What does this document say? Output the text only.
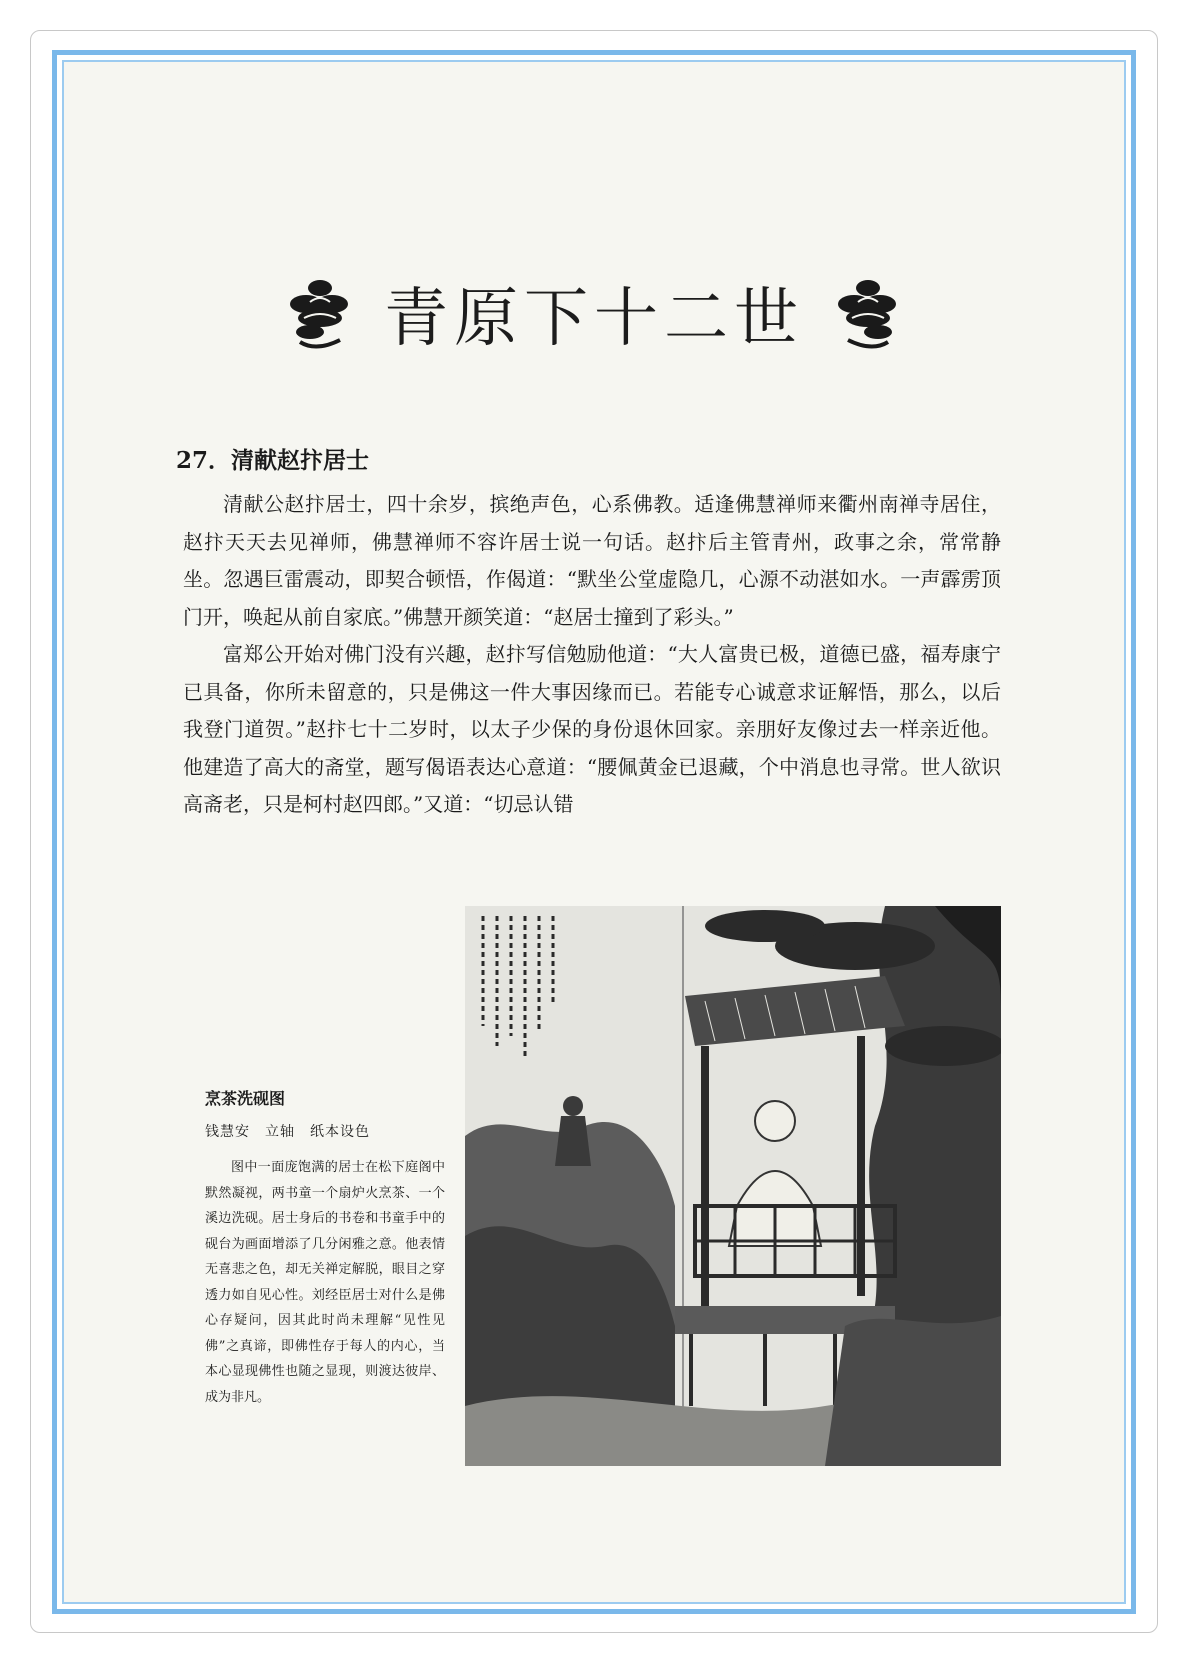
青原下十二世
27．清献赵抃居士

清献公赵抃居士，四十余岁，摈绝声色，心系佛教。适逢佛慧禅师来衢州南禅寺居住，赵抃天天去见禅师，佛慧禅师不容许居士说一句话。赵抃后主管青州，政事之余，常常静坐。忽遇巨雷震动，即契合顿悟，作偈道：“默坐公堂虚隐几，心源不动湛如水。一声霹雳顶门开，唤起从前自家底。”佛慧开颜笑道：“赵居士撞到了彩头。”

富郑公开始对佛门没有兴趣，赵抃写信勉励他道：“大人富贵已极，道德已盛，福寿康宁已具备，你所未留意的，只是佛这一件大事因缘而已。若能专心诚意求证解悟，那么，以后我登门道贺。”赵抃七十二岁时，以太子少保的身份退休回家。亲朋好友像过去一样亲近他。他建造了高大的斋堂，题写偈语表达心意道：“腰佩黄金已退藏，个中消息也寻常。世人欲识高斋老，只是柯村赵四郎。”又道：“切忌认错

烹茶洗砚图
钱慧安　立轴　纸本设色

图中一面庞饱满的居士在松下庭阁中默然凝视，两书童一个扇炉火烹茶、一个溪边洗砚。居士身后的书卷和书童手中的砚台为画面增添了几分闲雅之意。他表情无喜悲之色，却无关禅定解脱，眼目之穿透力如自见心性。刘经臣居士对什么是佛心存疑问，因其此时尚未理解“见性见佛”之真谛，即佛性存于每人的内心，当本心显现佛性也随之显现，则渡达彼岸、成为非凡。
